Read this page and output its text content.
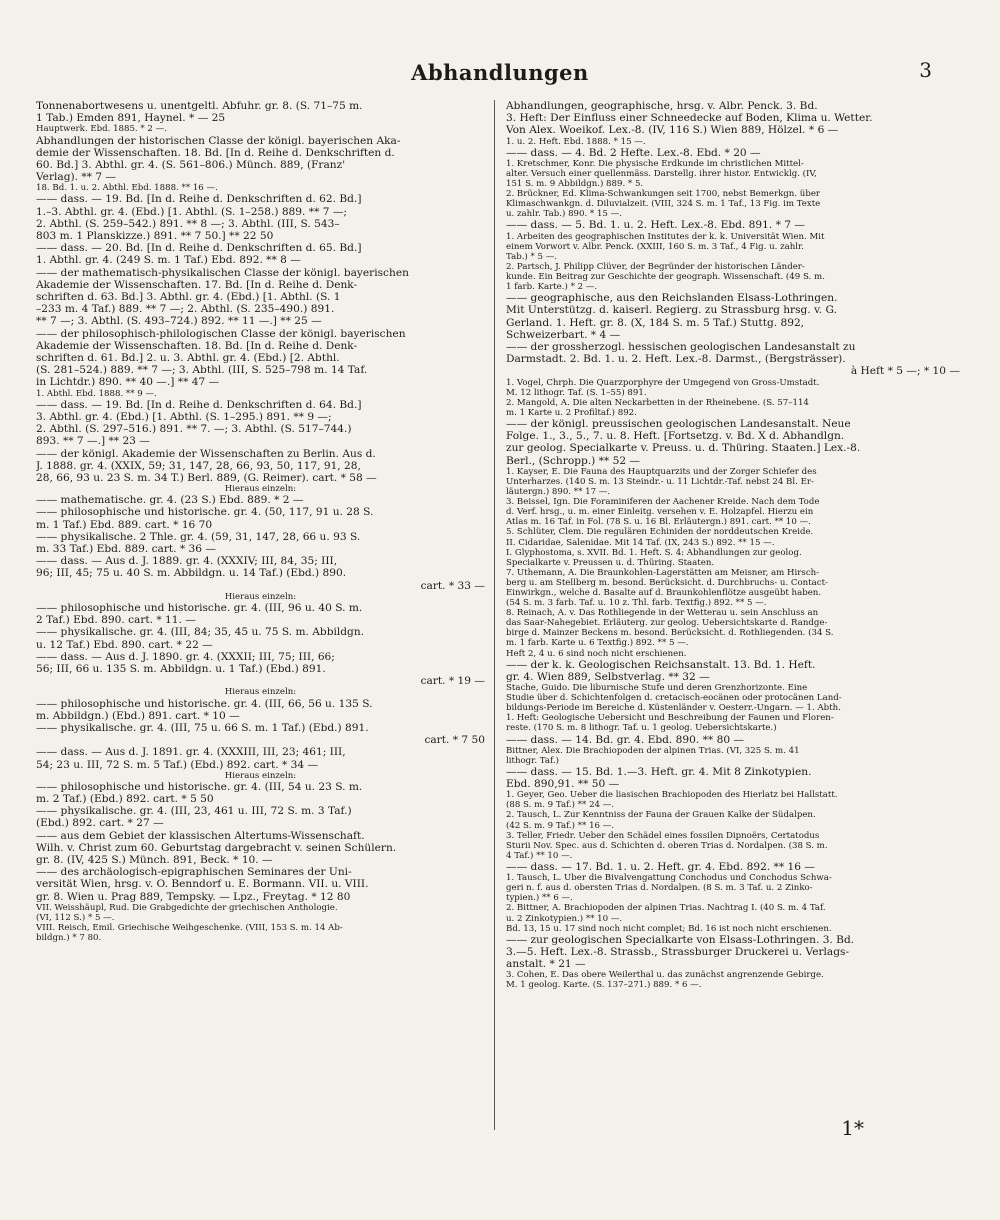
Abhandlungen	3
Tonnenabortwesens u. unentgeltl. Abfuhr. gr. 8. (S. 71–75 m.
1 Tab.) Emden 891, Haynel. * — 25
Hauptwerk. Ebd. 1885. * 2 —.
Abhandlungen der historischen Classe der königl. bayerischen Aka-
demie der Wissenschaften. 18. Bd. [In d. Reihe d. Denkschriften d.
60. Bd.] 3. Abthl. gr. 4. (S. 561–806.) Münch. 889, (Franz'
Verlag). ** 7 —
18. Bd. 1. u. 2. Abthl. Ebd. 1888. ** 16 —.
—— dass. — 19. Bd. [In d. Reihe d. Denkschriften d. 62. Bd.]
1.–3. Abthl. gr. 4. (Ebd.) [1. Abthl. (S. 1–258.) 889. ** 7 —;
2. Abthl. (S. 259–542.) 891. ** 8 —; 3. Abthl. (III, S. 543–
803 m. 1 Planskizze.) 891. ** 7 50.] ** 22 50
—— dass. — 20. Bd. [In d. Reihe d. Denkschriften d. 65. Bd.]
1. Abthl. gr. 4. (249 S. m. 1 Taf.) Ebd. 892. ** 8 —
—— der mathematisch-physikalischen Classe der königl. bayerischen
Akademie der Wissenschaften. 17. Bd. [In d. Reihe d. Denk-
schriften d. 63. Bd.] 3. Abthl. gr. 4. (Ebd.) [1. Abthl. (S. 1
–233 m. 4 Taf.) 889. ** 7 —; 2. Abthl. (S. 235–490.) 891.
** 7 —; 3. Abthl. (S. 493–724.) 892. ** 11 —.] ** 25 —
—— der philosophisch-philologischen Classe der königl. bayerischen
Akademie der Wissenschaften. 18. Bd. [In d. Reihe d. Denk-
schriften d. 61. Bd.] 2. u. 3. Abthl. gr. 4. (Ebd.) [2. Abthl.
(S. 281–524.) 889. ** 7 —; 3. Abthl. (III, S. 525–798 m. 14 Taf.
in Lichtdr.) 890. ** 40 —.] ** 47 —
1. Abthl. Ebd. 1888. ** 9 —.
—— dass. — 19. Bd. [In d. Reihe d. Denkschriften d. 64. Bd.]
3. Abthl. gr. 4. (Ebd.) [1. Abthl. (S. 1–295.) 891. ** 9 —;
2. Abthl. (S. 297–516.) 891. ** 7. —; 3. Abthl. (S. 517–744.)
893. ** 7 —.] ** 23 —
—— der königl. Akademie der Wissenschaften zu Berlin. Aus d.
J. 1888. gr. 4. (XXIX, 59; 31, 147, 28, 66, 93, 50, 117, 91, 28,
28, 66, 93 u. 23 S. m. 34 T.) Berl. 889, (G. Reimer). cart. * 58 —
Hieraus einzeln:
—— mathematische. gr. 4. (23 S.) Ebd. 889. * 2 —
—— philosophische und historische. gr. 4. (50, 117, 91 u. 28 S.
m. 1 Taf.) Ebd. 889. cart. * 16 70
—— physikalische. 2 Thle. gr. 4. (59, 31, 147, 28, 66 u. 93 S.
m. 33 Taf.) Ebd. 889. cart. * 36 —
—— dass. — Aus d. J. 1889. gr. 4. (XXXIV; III, 84, 35; III,
96; III, 45; 75 u. 40 S. m. Abbildgn. u. 14 Taf.) (Ebd.) 890.
cart. * 33 —
Hieraus einzeln:
—— philosophische und historische. gr. 4. (III, 96 u. 40 S. m.
2 Taf.) Ebd. 890. cart. * 11. —
—— physikalische. gr. 4. (III, 84; 35, 45 u. 75 S. m. Abbildgn.
u. 12 Taf.) Ebd. 890. cart. * 22 —
—— dass. — Aus d. J. 1890. gr. 4. (XXXII; III, 75; III, 66;
56; III, 66 u. 135 S. m. Abbildgn. u. 1 Taf.) (Ebd.) 891.
cart. * 19 —
Hieraus einzeln:
—— philosophische und historische. gr. 4. (III, 66, 56 u. 135 S.
m. Abbildgn.) (Ebd.) 891. cart. * 10 —
—— physikalische. gr. 4. (III, 75 u. 66 S. m. 1 Taf.) (Ebd.) 891.
cart. * 7 50
—— dass. — Aus d. J. 1891. gr. 4. (XXXIII, III, 23; 461; III,
54; 23 u. III, 72 S. m. 5 Taf.) (Ebd.) 892. cart. * 34 —
Hieraus einzeln:
—— philosophische und historische. gr. 4. (III, 54 u. 23 S. m.
m. 2 Taf.) (Ebd.) 892. cart. * 5 50
—— physikalische. gr. 4. (III, 23, 461 u. III, 72 S. m. 3 Taf.)
(Ebd.) 892. cart. * 27 —
—— aus dem Gebiet der klassischen Altertums-Wissenschaft.
Wilh. v. Christ zum 60. Geburtstag dargebracht v. seinen Schülern.
gr. 8. (IV, 425 S.) Münch. 891, Beck. * 10. —
—— des archäologisch-epigraphischen Seminares der Uni-
versität Wien, hrsg. v. O. Benndorf u. E. Bormann. VII. u. VIII.
gr. 8. Wien u. Prag 889, Tempsky. — Lpz., Freytag. * 12 80
VII. Weisshäupl, Rud. Die Grabgedichte der griechischen Anthologie.
(VI, 112 S.) * 5 —.
VIII. Reisch, Emil. Griechische Weihgeschenke. (VIII, 153 S. m. 14 Ab-
bildgn.) * 7 80.
Abhandlungen, geographische, hrsg. v. Albr. Penck. 3. Bd.
3. Heft: Der Einfluss einer Schneedecke auf Boden, Klima u. Wetter.
Von Alex. Woeikof. Lex.-8. (IV, 116 S.) Wien 889, Hölzel. * 6 —
1. u. 2. Heft. Ebd. 1888. * 15 —.
—— dass. — 4. Bd. 2 Hefte. Lex.-8. Ebd. * 20 —
1. Kretschmer, Konr. Die physische Erdkunde im christlichen Mittel-
alter. Versuch einer quellenmäss. Darstellg. ihrer histor. Entwicklg. (IV,
151 S. m. 9 Abbildgn.) 889. * 5.
2. Brückner, Ed. Klima-Schwankungen seit 1700, nebst Bemerkgn. über
Klimaschwankgn. d. Diluvialzeit. (VIII, 324 S. m. 1 Taf., 13 Fig. im Texte
u. zahlr. Tab.) 890. * 15 —.
—— dass. — 5. Bd. 1. u. 2. Heft. Lex.-8. Ebd. 891. * 7 —
1. Arbeiten des geographischen Institutes der k. k. Universität Wien. Mit
einem Vorwort v. Albr. Penck. (XXIII, 160 S. m. 3 Taf., 4 Fig. u. zahlr.
Tab.) * 5 —.
2. Partsch, J. Philipp Clüver, der Begründer der historischen Länder-
kunde. Ein Beitrag zur Geschichte der geograph. Wissenschaft. (49 S. m.
1 farb. Karte.) * 2 —.
—— geographische, aus den Reichslanden Elsass-Lothringen.
Mit Unterstützg. d. kaiserl. Regierg. zu Strassburg hrsg. v. G.
Gerland. 1. Heft. gr. 8. (X, 184 S. m. 5 Taf.) Stuttg. 892,
Schweizerbart. * 4 —
—— der grossherzogl. hessischen geologischen Landesanstalt zu
Darmstadt. 2. Bd. 1. u. 2. Heft. Lex.-8. Darmst., (Bergsträsser).
à Heft * 5 —; * 10 —
1. Vogel, Chrph. Die Quarzporphyre der Umgegend von Gross-Umstadt.
M. 12 lithogr. Taf. (S. 1–55) 891.
2. Mangold, A. Die alten Neckarbetten in der Rheinebene. (S. 57–114
m. 1 Karte u. 2 Profiltaf.) 892.
—— der königl. preussischen geologischen Landesanstalt. Neue
Folge. 1., 3., 5., 7. u. 8. Heft. [Fortsetzg. v. Bd. X d. Abhandlgn.
zur geolog. Specialkarte v. Preuss. u. d. Thüring. Staaten.] Lex.-8.
Berl., (Schropp.) ** 52 —
1. Kayser, E. Die Fauna des Hauptquarzits und der Zorger Schiefer des
Unterharzes. (140 S. m. 13 Steindr.- u. 11 Lichtdr.-Taf. nebst 24 Bl. Er-
läutergn.) 890. ** 17 —.
3. Beissel, Ign. Die Foraminiferen der Aachener Kreide. Nach dem Tode
d. Verf. hrsg., u. m. einer Einleitg. versehen v. E. Holzapfel. Hierzu ein
Atlas m. 16 Taf. in Fol. (78 S. u. 16 Bl. Erläutergn.) 891. cart. ** 10 —.
5. Schlüter, Clem. Die regulären Echiniden der norddeutschen Kreide.
II. Cidaridae, Salenidae. Mit 14 Taf. (IX, 243 S.) 892. ** 15 —.
I. Glyphostoma, s. XVII. Bd. 1. Heft. S. 4: Abhandlungen zur geolog.
Specialkarte v. Preussen u. d. Thüring. Staaten.
7. Üthemann, A. Die Braunkohlen-Lagerstätten am Meisner, am Hirsch-
berg u. am Stellberg m. besond. Berücksicht. d. Durchbruchs- u. Contact-
Einwirkgn., welche d. Basalte auf d. Braunkohlenflötze ausgeübt haben.
(54 S. m. 3 farb. Taf. u. 10 z. Thl. farb. Textfig.) 892. ** 5 —.
8. Reinach, A. v. Das Rothliegende in der Wetterau u. sein Anschluss an
das Saar-Nahegebiet. Erläuterg. zur geolog. Uebersichtskarte d. Randge-
birge d. Mainzer Beckens m. besond. Berücksicht. d. Rothliegenden. (34 S.
m. 1 farb. Karte u. 6 Textfig.) 892. ** 5 —.
Heft 2, 4 u. 6 sind noch nicht erschienen.
—— der k. k. Geologischen Reichsanstalt. 13. Bd. 1. Heft.
gr. 4. Wien 889, Selbstverlag. ** 32 —
Stache, Guido. Die liburnische Stufe und deren Grenzhorizonte. Eine
Studie über d. Schichtenfolgen d. cretacisch-eocänen oder protocänen Land-
bildungs-Periode im Bereiche d. Küstenländer v. Oesterr.-Ungarn. — 1. Abth.
1. Heft: Geologische Uebersicht und Beschreibung der Faunen und Floren-
reste. (170 S. m. 8 lithogr. Taf. u. 1 geolog. Uebersichtskarte.)
—— dass. — 14. Bd. gr. 4. Ebd. 890. ** 80 —
Bittner, Alex. Die Brachiopoden der alpinen Trias. (VI, 325 S. m. 41
lithogr. Taf.)
—— dass. — 15. Bd. 1.—3. Heft. gr. 4. Mit 8 Zinkotypien.
Ebd. 890,91. ** 50 —
1. Geyer, Geo. Ueber die liasischen Brachiopoden des Hierlatz bei Hallstatt.
(88 S. m. 9 Taf.) ** 24 —.
2. Tausch, L. Zur Kenntniss der Fauna der Grauen Kalke der Südalpen.
(42 S. m. 9 Taf.) ** 16 —.
3. Teller, Friedr. Ueber den Schädel eines fossilen Dipnoërs, Certatodus
Sturii Nov. Spec. aus d. Schichten d. oberen Trias d. Nordalpen. (38 S. m.
4 Taf.) ** 10 —.
—— dass. — 17. Bd. 1. u. 2. Heft. gr. 4. Ebd. 892. ** 16 —
1. Tausch, L. Über die Bivalvengattung Conchodus und Conchodus Schwa-
geri n. f. aus d. obersten Trias d. Nordalpen. (8 S. m. 3 Taf. u. 2 Zinko-
typien.) ** 6 —.
2. Bittner, A. Brachiopoden der alpinen Trias. Nachtrag I. (40 S. m. 4 Taf.
u. 2 Zinkotypien.) ** 10 —.
Bd. 13, 15 u. 17 sind noch nicht complet; Bd. 16 ist noch nicht erschienen.
—— zur geologischen Specialkarte von Elsass-Lothringen. 3. Bd.
3.—5. Heft. Lex.-8. Strassb., Strassburger Druckerei u. Verlags-
anstalt. * 21 —
3. Cohen, E. Das obere Weilerthal u. das zunächst angrenzende Gebirge.
M. 1 geolog. Karte. (S. 137–271.) 889. * 6 —.
1*
